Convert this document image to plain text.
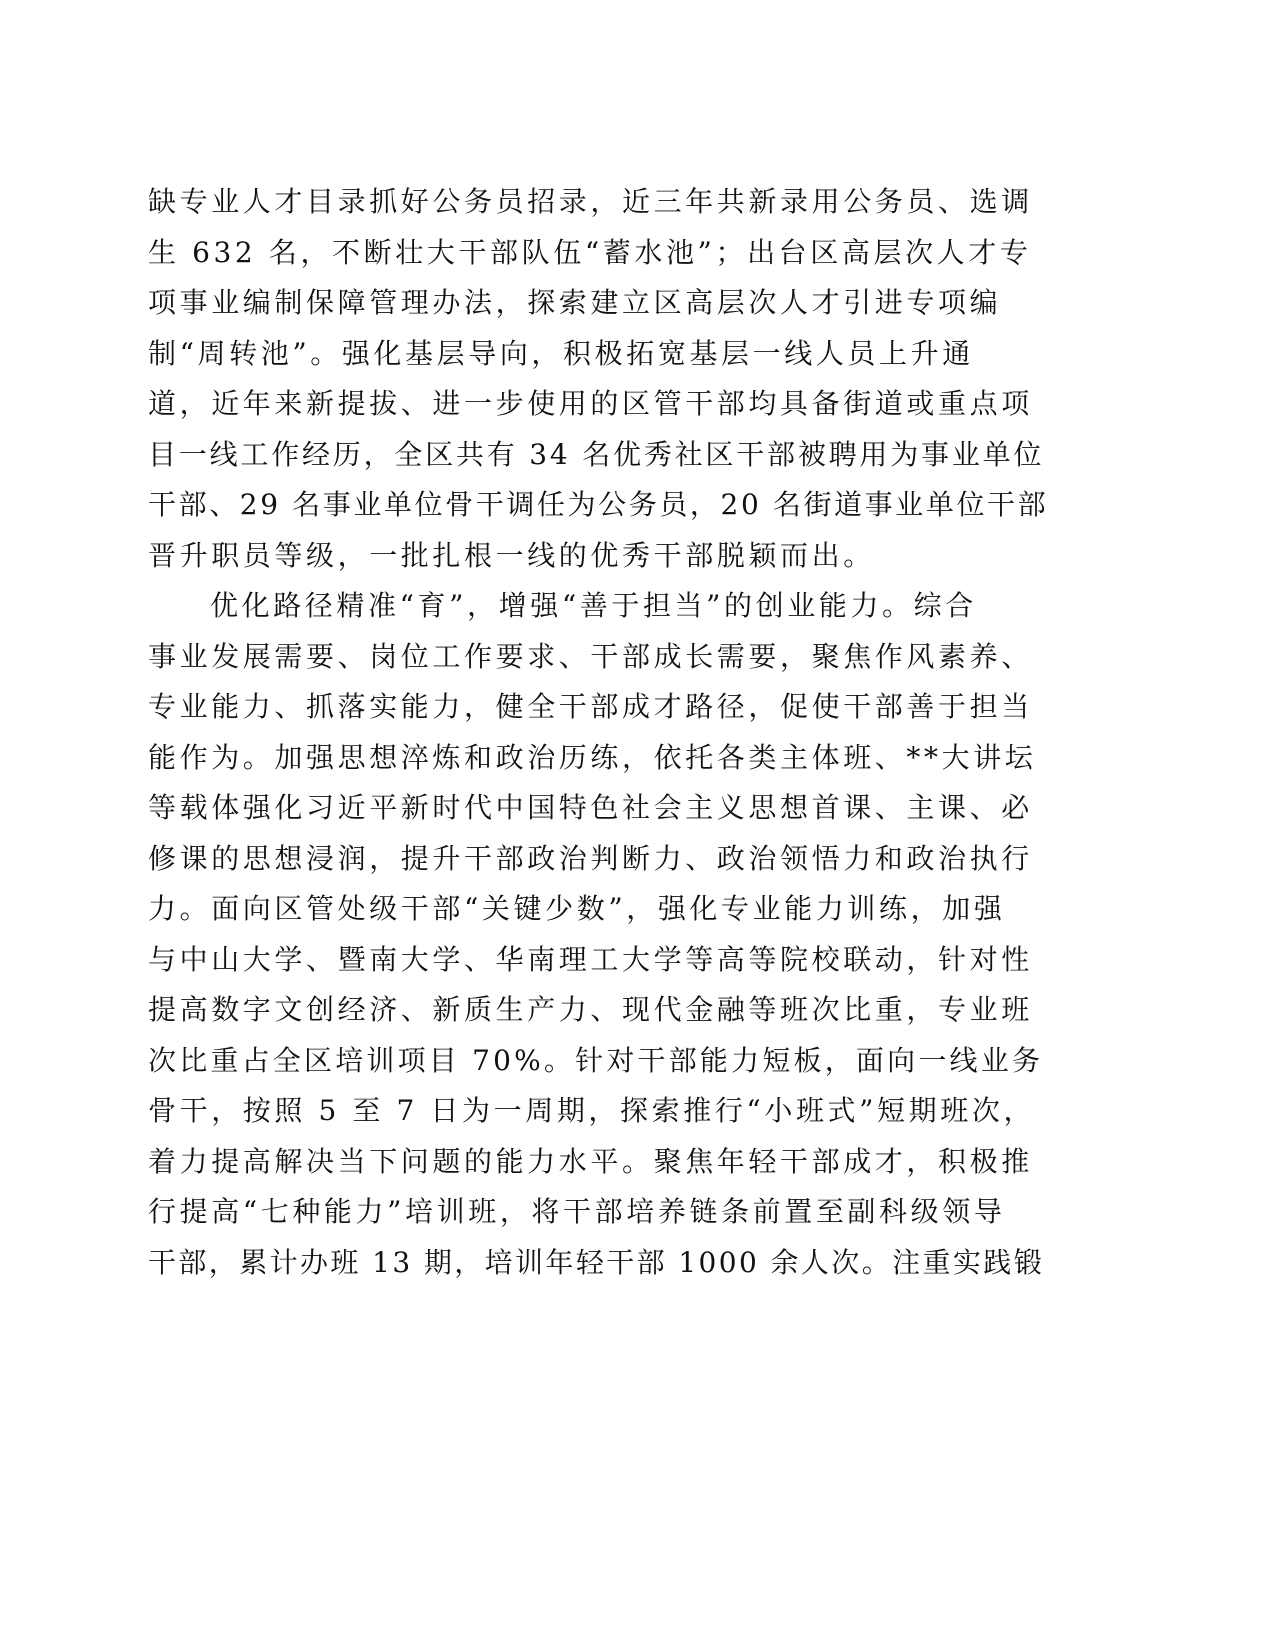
缺专业人才目录抓好公务员招录，近三年共新录用公务员、选调
生 632 名，不断壮大干部队伍“蓄水池”；出台区高层次人才专
项事业编制保障管理办法，探索建立区高层次人才引进专项编
制“周转池”。强化基层导向，积极拓宽基层一线人员上升通
道，近年来新提拔、进一步使用的区管干部均具备街道或重点项
目一线工作经历，全区共有 34 名优秀社区干部被聘用为事业单位
干部、29 名事业单位骨干调任为公务员，20 名街道事业单位干部
晋升职员等级，一批扎根一线的优秀干部脱颖而出。
优化路径精准“育”，增强“善于担当”的创业能力。综合
事业发展需要、岗位工作要求、干部成长需要，聚焦作风素养、
专业能力、抓落实能力，健全干部成才路径，促使干部善于担当
能作为。加强思想淬炼和政治历练，依托各类主体班、**大讲坛
等载体强化习近平新时代中国特色社会主义思想首课、主课、必
修课的思想浸润，提升干部政治判断力、政治领悟力和政治执行
力。面向区管处级干部“关键少数”，强化专业能力训练，加强
与中山大学、暨南大学、华南理工大学等高等院校联动，针对性
提高数字文创经济、新质生产力、现代金融等班次比重，专业班
次比重占全区培训项目 70%。针对干部能力短板，面向一线业务
骨干，按照 5 至 7 日为一周期，探索推行“小班式”短期班次，
着力提高解决当下问题的能力水平。聚焦年轻干部成才，积极推
行提高“七种能力”培训班，将干部培养链条前置至副科级领导
干部，累计办班 13 期，培训年轻干部 1000 余人次。注重实践锻
